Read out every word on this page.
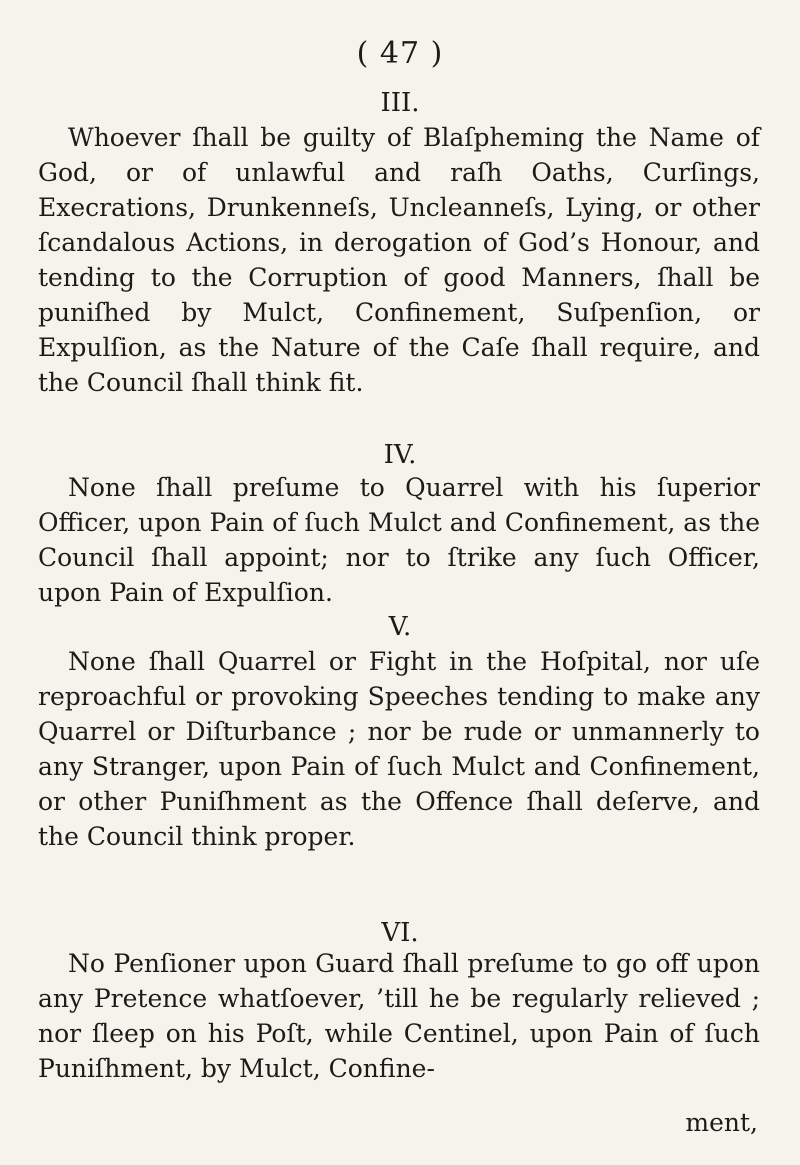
( 47 )
III.

Whoever ſhall be guilty of Blaſpheming the Name of God, or of unlawful and raſh Oaths, Curſings, Execrations, Drunkenneſs, Uncleanneſs, Lying, or other ſcandalous Actions, in derogation of God’s Honour, and tending to the Corruption of good Manners, ſhall be puniſhed by Mulct, Confinement, Suſpenſion, or Expulſion, as the Nature of the Caſe ſhall require, and the Council ſhall think fit.

IV.

None ſhall preſume to Quarrel with his ſuperior Officer, upon Pain of ſuch Mulct and Confinement, as the Council ſhall appoint; nor to ſtrike any ſuch Officer, upon Pain of Expulſion.

V.

None ſhall Quarrel or Fight in the Hoſpital, nor uſe reproachful or provoking Speeches tending to make any Quarrel or Diſturbance ; nor be rude or unmannerly to any Stranger, upon Pain of ſuch Mulct and Confinement, or other Puniſhment as the Offence ſhall deſerve, and the Council think proper.

VI.

No Penſioner upon Guard ſhall preſume to go off upon any Pretence whatſoever, ’till he be regularly relieved ; nor ſleep on his Poſt, while Centinel, upon Pain of ſuch Puniſhment, by Mulct, Confine-

ment,
